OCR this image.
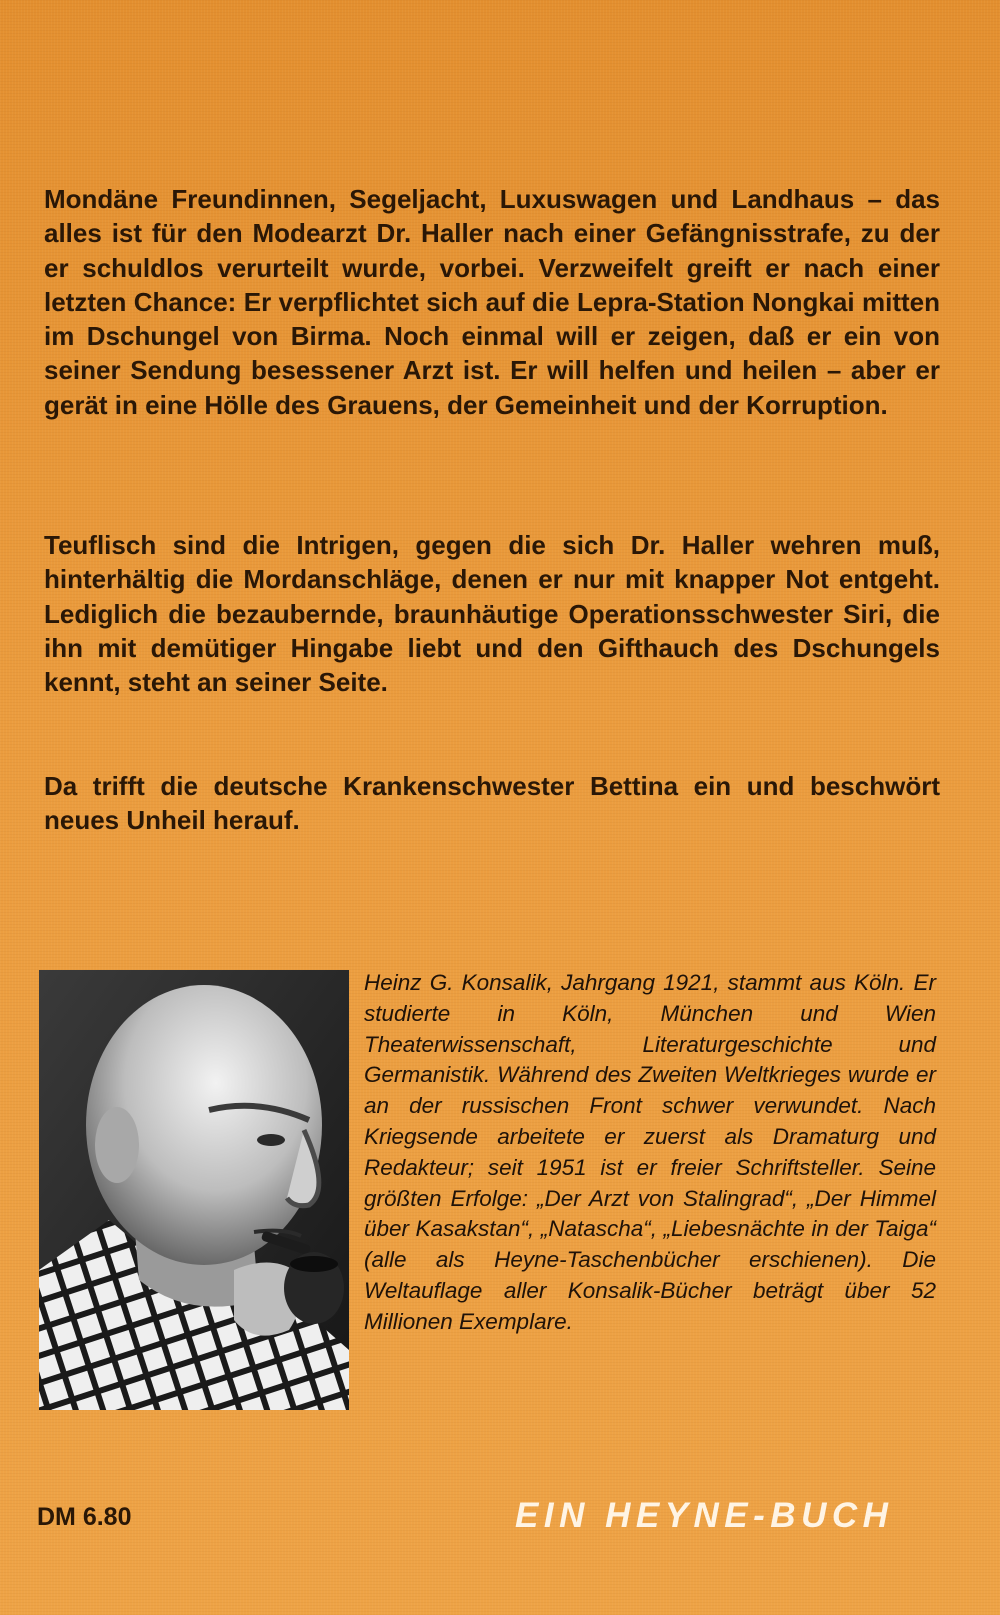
Mondäne Freundinnen, Segeljacht, Luxuswagen und Landhaus – das alles ist für den Modearzt Dr. Haller nach einer Gefängnisstrafe, zu der er schuldlos verurteilt wurde, vorbei. Verzweifelt greift er nach einer letzten Chance: Er verpflichtet sich auf die Lepra-Station Nongkai mitten im Dschungel von Birma. Noch einmal will er zeigen, daß er ein von seiner Sendung besessener Arzt ist. Er will helfen und heilen – aber er gerät in eine Hölle des Grauens, der Gemeinheit und der Korruption.

Teuflisch sind die Intrigen, gegen die sich Dr. Haller wehren muß, hinterhältig die Mordanschläge, denen er nur mit knapper Not entgeht. Lediglich die bezaubernde, braunhäutige Operationsschwester Siri, die ihn mit demütiger Hingabe liebt und den Gifthauch des Dschungels kennt, steht an seiner Seite.

Da trifft die deutsche Krankenschwester Bettina ein und beschwört neues Unheil herauf.

Heinz G. Konsalik, Jahrgang 1921, stammt aus Köln. Er studierte in Köln, München und Wien Theaterwissenschaft, Literaturgeschichte und Germanistik. Während des Zweiten Weltkrieges wurde er an der russischen Front schwer verwundet. Nach Kriegsende arbeitete er zuerst als Dramaturg und Redakteur; seit 1951 ist er freier Schriftsteller. Seine größten Erfolge: „Der Arzt von Stalingrad“, „Der Himmel über Kasakstan“, „Natascha“, „Liebesnächte in der Taiga“ (alle als Heyne-Taschenbücher erschienen). Die Weltauflage aller Konsalik-Bücher beträgt über 52 Millionen Exemplare.

DM 6.80	EIN HEYNE-BUCH
